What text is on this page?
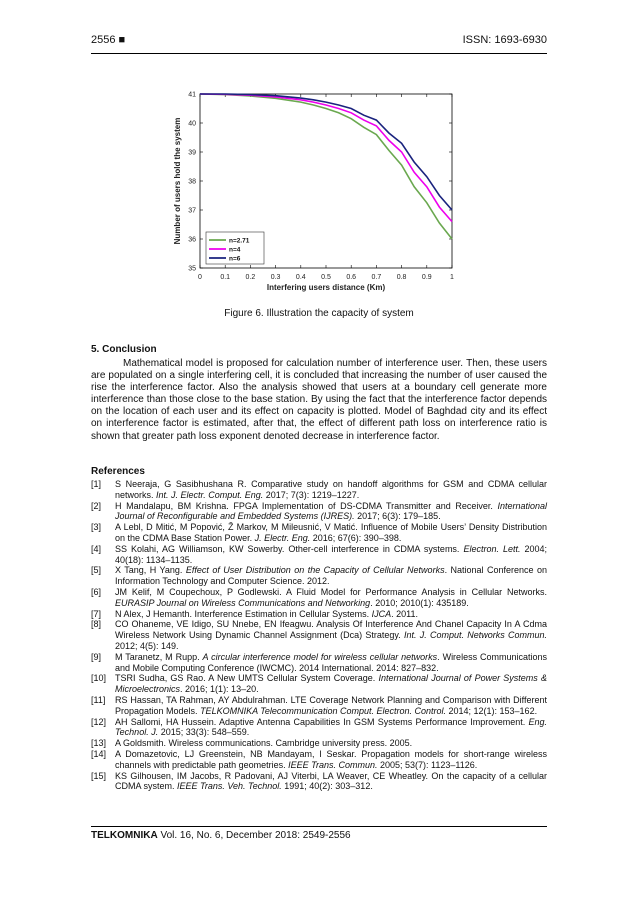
2556 ■	ISSN: 1693-6930
0	0.1 0.2 0.3 0.4 0.5 0.6 0.7 0.8 0.9	1
35
36
37
38
39
40
41
Interfering users distance (Km)
Number of users hold the system	n=2.71
n=4
n=6
Figure 6. Illustration the capacity of system
5. Conclusion

Mathematical model is proposed for calculation number of interference user. Then, these users are populated on a single interfering cell, it is concluded that increasing the number of user caused the rise the interference factor. Also the analysis showed that users at a boundary cell generate more interference than those close to the base station. By using the fact that the interference factor depends on the location of each user and its effect on capacity is plotted. Model of Baghdad city and its effect on interference factor is estimated, after that, the effect of different path loss on interference ratio is shown that greater path loss exponent denoted decrease in interference factor.

References
[1]	S Neeraja, G Sasibhushana R. Comparative study on handoff algorithms for GSM and CDMA cellular networks. Int. J. Electr. Comput. Eng. 2017; 7(3): 1219–1227.
[2]	H Mandalapu, BM Krishna. FPGA Implementation of DS-CDMA Transmitter and Receiver. International Journal of Reconfigurable and Embedded Systems (IJRES). 2017; 6(3): 179–185.
[3]	A Lebl, D Mitić, M Popović, Ž Markov, M Mileusnić, V Matić. Influence of Mobile Users’ Density Distribution on the CDMA Base Station Power. J. Electr. Eng. 2016; 67(6): 390–398.
[4]	SS Kolahi, AG Williamson, KW Sowerby. Other-cell interference in CDMA systems. Electron. Lett. 2004; 40(18): 1134–1135.
[5]	X Tang, H Yang. Effect of User Distribution on the Capacity of Cellular Networks. National Conference on Information Technology and Computer Science. 2012.
[6]	JM Kelif, M Coupechoux, P Godlewski. A Fluid Model for Performance Analysis in Cellular Networks. EURASIP Journal on Wireless Communications and Networking. 2010; 2010(1): 435189.
[7]	N Alex, J Hemanth. Interference Estimation in Cellular Systems. IJCA. 2011.
[8]	CO Ohaneme, VE Idigo, SU Nnebe, EN Ifeagwu. Analysis Of Interference And Chanel Capacity In A Cdma Wireless Network Using Dynamic Channel Assignment (Dca) Strategy. Int. J. Comput. Networks Commun. 2012; 4(5): 149.
[9]	M Taranetz, M Rupp. A circular interference model for wireless cellular networks. Wireless Communications and Mobile Computing Conference (IWCMC). 2014 International. 2014: 827–832.
[10] TSRI Sudha, GS Rao. A New UMTS Cellular System Coverage. International Journal of Power Systems & Microelectronics. 2016; 1(1): 13–20.
[11]	RS Hassan, TA Rahman, AY Abdulrahman. LTE Coverage Network Planning and Comparison with Different Propagation Models. TELKOMNIKA Telecommunication Comput. Electron. Control. 2014; 12(1): 153–162.
[12] AH Sallomi, HA Hussein. Adaptive Antenna Capabilities In GSM Systems Performance Improvement. Eng. Technol. J. 2015; 33(3): 548–559.
[13] A Goldsmith. Wireless communications. Cambridge university press. 2005.
[14] A Domazetovic, LJ Greenstein, NB Mandayam, I Seskar. Propagation models for short-range wireless channels with predictable path geometries. IEEE Trans. Commun. 2005; 53(7): 1123–1126.
[15] KS Gilhousen, IM Jacobs, R Padovani, AJ Viterbi, LA Weaver, CE Wheatley. On the capacity of a cellular CDMA system. IEEE Trans. Veh. Technol. 1991; 40(2): 303–312.
TELKOMNIKA Vol. 16, No. 6, December 2018: 2549-2556
